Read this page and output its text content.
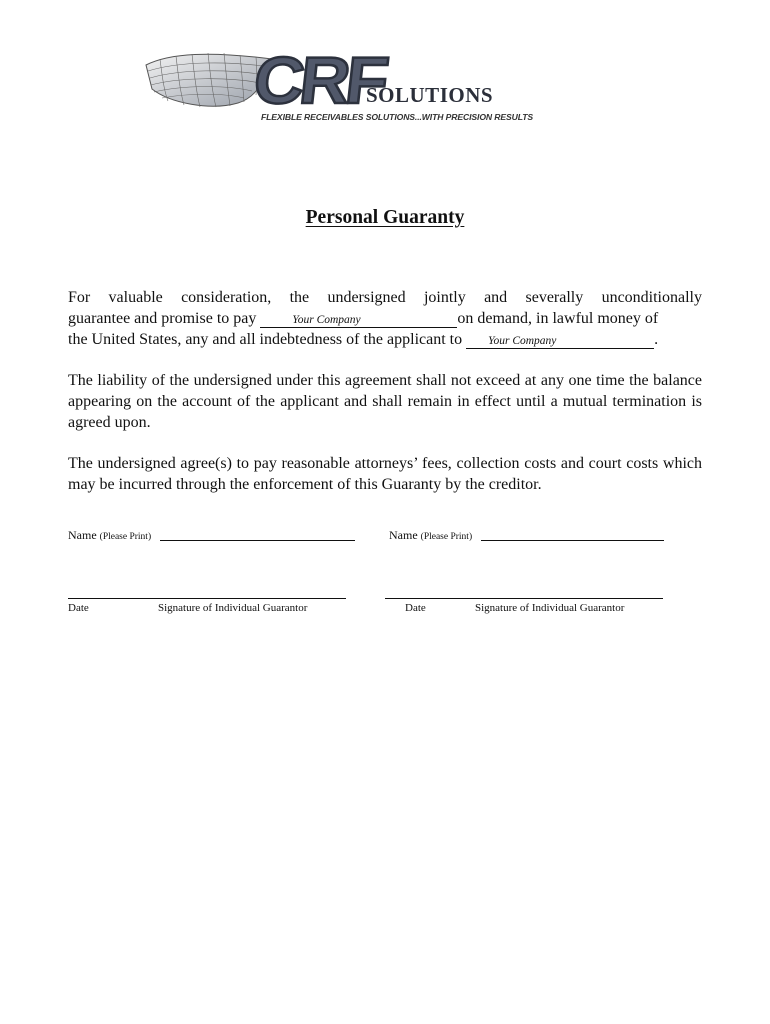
CRF
SOLUTIONS
FLEXIBLE RECEIVABLES SOLUTIONS...WITH PRECISION RESULTS
Personal Guaranty
For valuable consideration, the undersigned jointly and severally unconditionally
guarantee and promise to pay	Your Company	on demand, in lawful money of
the United States, any and all indebtedness of the applicant to Your Company	.
The liability of the undersigned under this agreement shall not exceed at any one time the balance appearing on the account of the applicant and shall remain in effect until a mutual termination is agreed upon.
The undersigned agree(s) to pay reasonable attorneys’ fees, collection costs and court costs which may be incurred through the enforcement of this Guaranty by the creditor.
Name (Please Print)
Date	Signature of Individual Guarantor
Name (Please Print)
Date	Signature of Individual Guarantor
